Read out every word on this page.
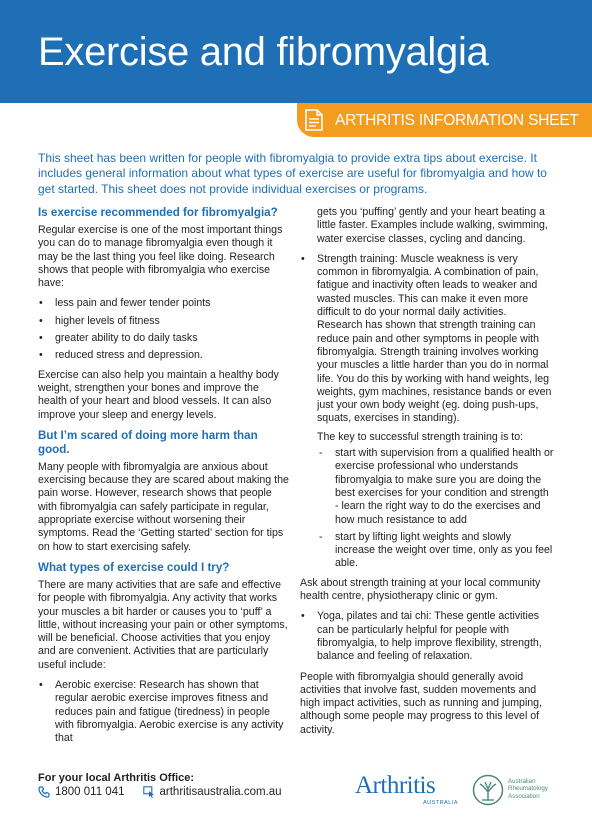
Exercise and fibromyalgia
ARTHRITIS INFORMATION SHEET

This sheet has been written for people with fibromyalgia to provide extra tips about exercise. It includes general information about what types of exercise are useful for fibromyalgia and how to get started. This sheet does not provide individual exercises or programs.

Is exercise recommended for fibromyalgia?

Regular exercise is one of the most important things you can do to manage fibromyalgia even though it may be the last thing you feel like doing. Research shows that people with fibromyalgia who exercise have:

• less pain and fewer tender points
• higher levels of fitness
• greater ability to do daily tasks
• reduced stress and depression.

Exercise can also help you maintain a healthy body weight, strengthen your bones and improve the health of your heart and blood vessels. It can also improve your sleep and energy levels.

But I’m scared of doing more harm than good.

Many people with fibromyalgia are anxious about exercising because they are scared about making the pain worse. However, research shows that people with fibromyalgia can safely participate in regular, appropriate exercise without worsening their symptoms. Read the ‘Getting started’ section for tips on how to start exercising safely.

What types of exercise could I try?

There are many activities that are safe and effective for people with fibromyalgia. Any activity that works your muscles a bit harder or causes you to ‘puff’ a little, without increasing your pain or other symptoms, will be beneficial. Choose activities that you enjoy and are convenient. Activities that are particularly useful include:

• Aerobic exercise: Research has shown that regular aerobic exercise improves fitness and reduces pain and fatigue (tiredness) in people with fibromyalgia. Aerobic exercise is any activity that

gets you ‘puffing’ gently and your heart beating a little faster. Examples include walking, swimming, water exercise classes, cycling and dancing.

• Strength training: Muscle weakness is very common in fibromyalgia. A combination of pain, fatigue and inactivity often leads to weaker and wasted muscles. This can make it even more difficult to do your normal daily activities. Research has shown that strength training can reduce pain and other symptoms in people with fibromyalgia. Strength training involves working your muscles a little harder than you do in normal life. You do this by working with hand weights, leg weights, gym machines, resistance bands or even just your own body weight (eg. doing push-ups, squats, exercises in standing).

The key to successful strength training is to:

- start with supervision from a qualified health or exercise professional who understands fibromyalgia to make sure you are doing the best exercises for your condition and strength - learn the right way to do the exercises and how much resistance to add
- start by lifting light weights and slowly increase the weight over time, only as you feel able.

Ask about strength training at your local community health centre, physiotherapy clinic or gym.

• Yoga, pilates and tai chi: These gentle activities can be particularly helpful for people with fibromyalgia, to help improve flexibility, strength, balance and feeling of relaxation.

People with fibromyalgia should generally avoid activities that involve fast, sudden movements and high impact activities, such as running and jumping, although some people may progress to this level of activity.

For your local Arthritis Office:
1800 011 041	arthritisaustralia.com.au	Arthritis
AUSTRALIA
Australian
Rheumatology
Association
